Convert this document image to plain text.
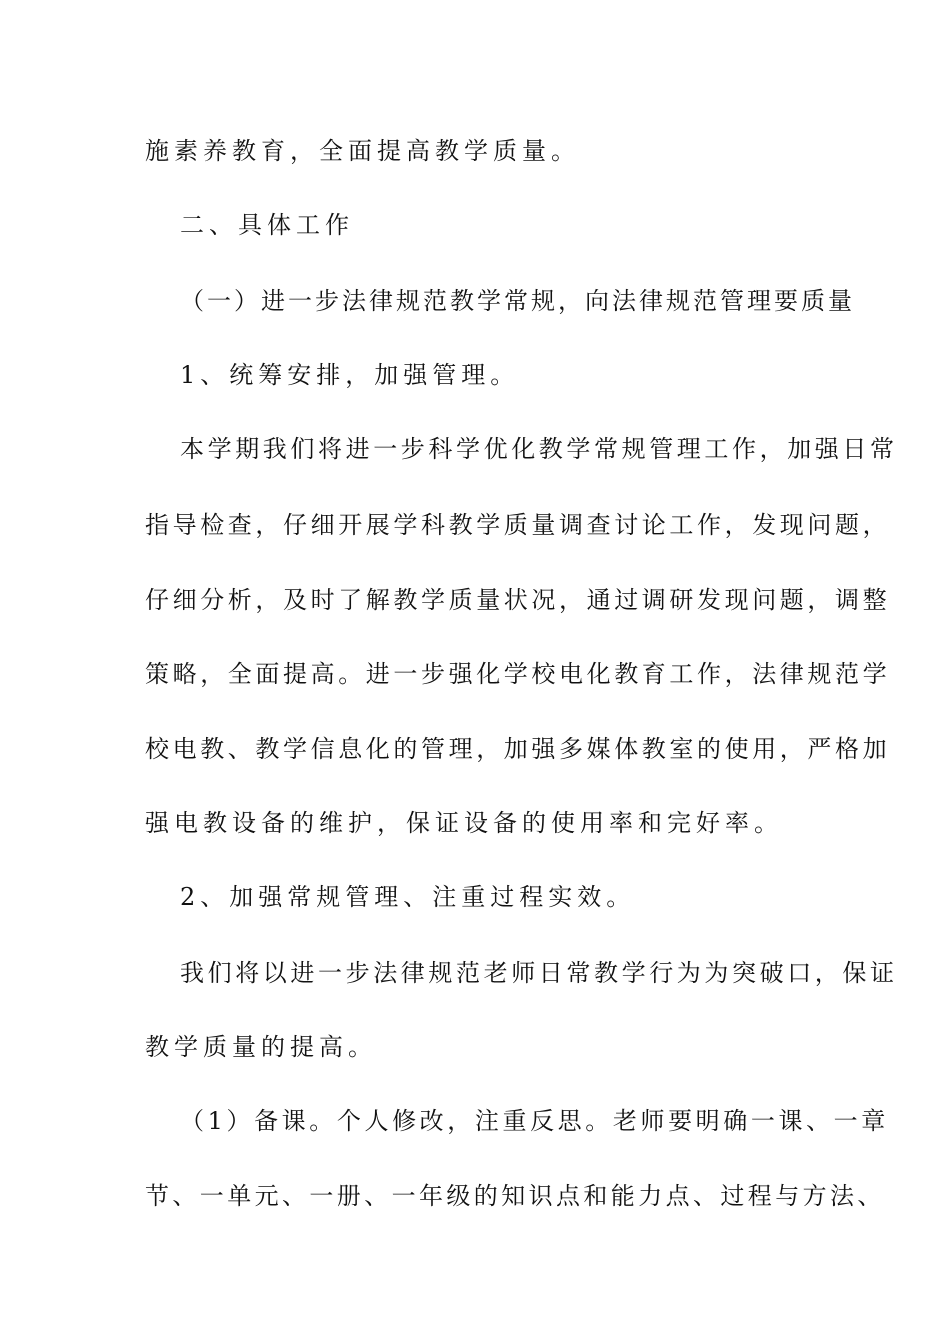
施素养教育，全面提高教学质量。
二、具体工作
（一）进一步法律规范教学常规，向法律规范管理要质量
1、统筹安排，加强管理。
本学期我们将进一步科学优化教学常规管理工作，加强日常
指导检查，仔细开展学科教学质量调查讨论工作，发现问题，
仔细分析，及时了解教学质量状况，通过调研发现问题，调整
策略，全面提高。进一步强化学校电化教育工作，法律规范学
校电教、教学信息化的管理，加强多媒体教室的使用，严格加
强电教设备的维护，保证设备的使用率和完好率。
2、加强常规管理、注重过程实效。
我们将以进一步法律规范老师日常教学行为为突破口，保证
教学质量的提高。
（1）备课。个人修改，注重反思。老师要明确一课、一章
节、一单元、一册、一年级的知识点和能力点、过程与方法、
